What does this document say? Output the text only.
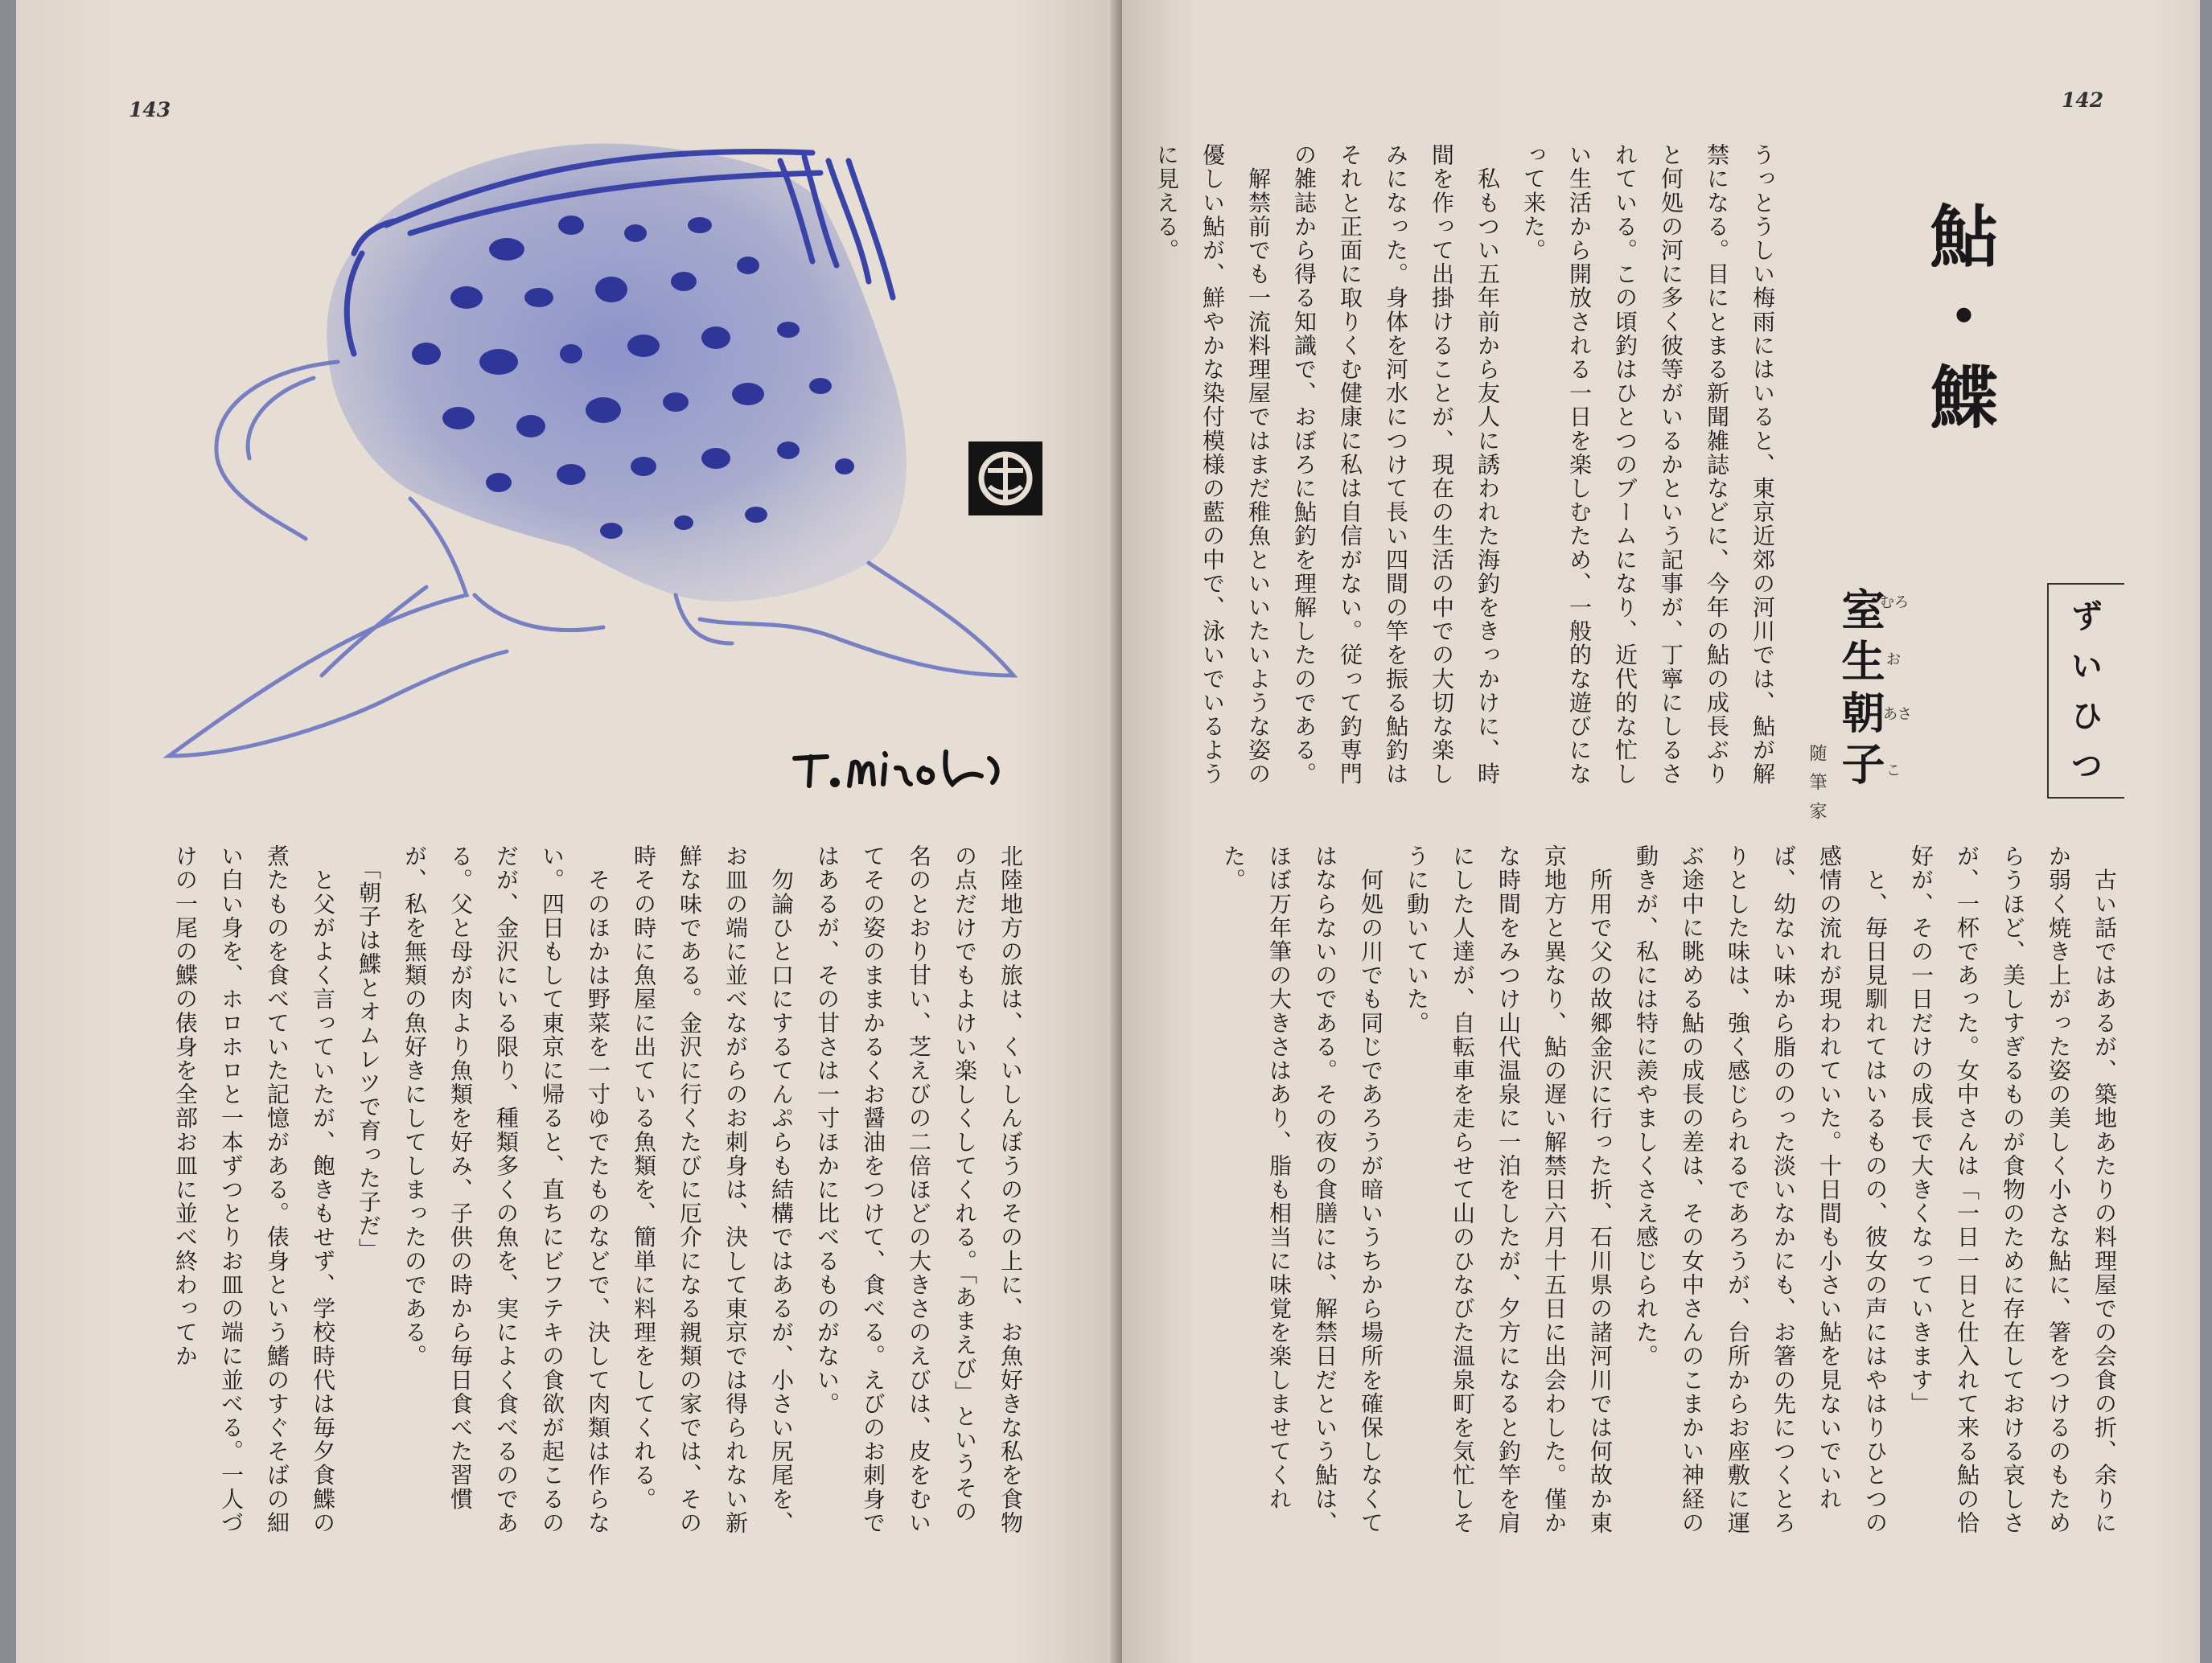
143
北陸地方の旅は、くいしんぼうのその上に、お魚好きな私を食物の点だけでもよけい楽しくしてくれる。「あまえび」というその名のとおり甘い、芝えびの二倍ほどの大きさのえびは、皮をむいてその姿のままかるくお醤油をつけて、食べる。えびのお刺身ではあるが、その甘さは一寸ほかに比べるものがない。
　勿論ひと口にするてんぷらも結構ではあるが、小さい尻尾を、お皿の端に並べながらのお刺身は、決して東京では得られない新鮮な味である。金沢に行くたびに厄介になる親類の家では、その時その時に魚屋に出ている魚類を、簡単に料理をしてくれる。
　そのほかは野菜を一寸ゆでたものなどで、決して肉類は作らない。四日もして東京に帰ると、直ちにビフテキの食欲が起こるのだが、金沢にいる限り、種類多くの魚を、実によく食べるのである。父と母が肉より魚類を好み、子供の時から毎日食べた習慣が、私を無類の魚好きにしてしまったのである。
　「朝子は鰈とオムレツで育った子だ」
　と父がよく言っていたが、飽きもせず、学校時代は毎夕食鰈の煮たものを食べていた記憶がある。俵身という鰭のすぐそばの細い白い身を、ホロホロと一本ずつとりお皿の端に並べる。一人づけの一尾の鰈の俵身を全部お皿に並べ終わってか
142
鮎・鰈
ずいひつ
室生朝子
むろ
お
あさ
こ
随筆家
うっとうしい梅雨にはいると、東京近郊の河川では、鮎が解禁になる。目にとまる新聞雑誌などに、今年の鮎の成長ぶりと何処の河に多く彼等がいるかという記事が、丁寧にしるされている。この頃釣はひとつのブームになり、近代的な忙しい生活から開放される一日を楽しむため、一般的な遊びになって来た。
　私もつい五年前から友人に誘われた海釣をきっかけに、時間を作って出掛けることが、現在の生活の中での大切な楽しみになった。身体を河水につけて長い四間の竿を振る鮎釣はそれと正面に取りくむ健康に私は自信がない。従って釣専門の雑誌から得る知識で、おぼろに鮎釣を理解したのである。
　解禁前でも一流料理屋ではまだ稚魚といいたいような姿の優しい鮎が、鮮やかな染付模様の藍の中で、泳いでいるように見える。
　古い話ではあるが、築地あたりの料理屋での会食の折、余りにか弱く焼き上がった姿の美しく小さな鮎に、箸をつけるのもためらうほど、美しすぎるものが食物のために存在しておける哀しさが、一杯であった。女中さんは「一日一日と仕入れて来る鮎の恰好が、その一日だけの成長で大きくなっていきます」
　と、毎日見馴れてはいるものの、彼女の声にはやはりひとつの感情の流れが現われていた。十日間も小さい鮎を見ないでいれば、幼ない味から脂ののった淡いなかにも、お箸の先につくとろりとした味は、強く感じられるであろうが、台所からお座敷に運ぶ途中に眺める鮎の成長の差は、その女中さんのこまかい神経の動きが、私には特に羨やましくさえ感じられた。
　所用で父の故郷金沢に行った折、石川県の諸河川では何故か東京地方と異なり、鮎の遅い解禁日六月十五日に出会わした。僅かな時間をみつけ山代温泉に一泊をしたが、夕方になると釣竿を肩にした人達が、自転車を走らせて山のひなびた温泉町を気忙しそうに動いていた。
　何処の川でも同じであろうが暗いうちから場所を確保しなくてはならないのである。その夜の食膳には、解禁日だという鮎は、ほぼ万年筆の大きさはあり、脂も相当に味覚を楽しませてくれた。
